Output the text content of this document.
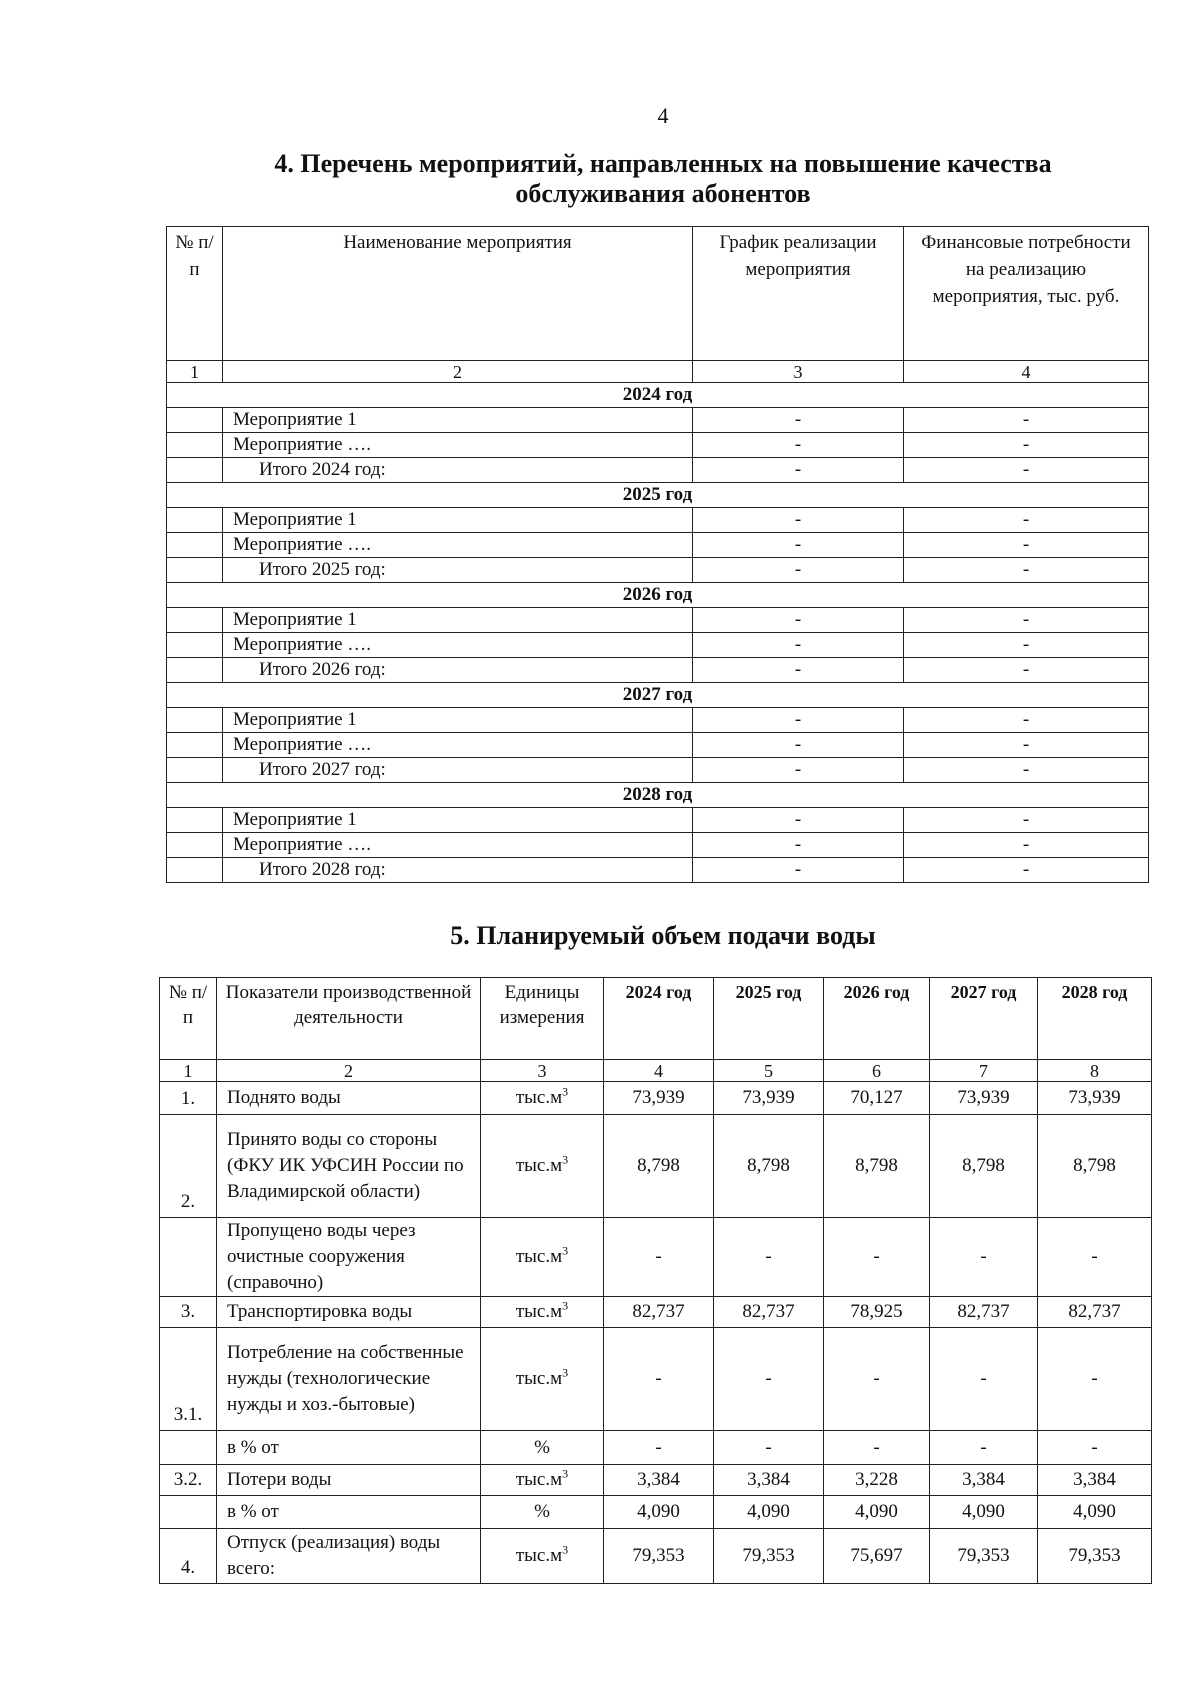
4
4. Перечень мероприятий, направленных на повышение качества
обслуживания абонентов
№ п/п	Наименование мероприятия	График реализации мероприятия	Финансовые потребности на реализацию мероприятия, тыс. руб.
1	2	3	4
2024 год			
	Мероприятие 1	-	-
	Мероприятие ….	-	-
	Итого 2024 год:	-	-
2025 год			
	Мероприятие 1	-	-
	Мероприятие ….	-	-
	Итого 2025 год:	-	-
2026 год			
	Мероприятие 1	-	-
	Мероприятие ….	-	-
	Итого 2026 год:	-	-
2027 год			
	Мероприятие 1	-	-
	Мероприятие ….	-	-
	Итого 2027 год:	-	-
2028 год			
	Мероприятие 1	-	-
	Мероприятие ….	-	-
	Итого 2028 год:	-	-
5. Планируемый объем подачи воды
№ п/п	Показатели производственной деятельности	Единицы измерения	2024 год	2025 год	2026 год	2027 год	2028 год
1	2	3	4	5	6	7	8
1.	Поднято воды	$тыс.м^3$	73,939	73,939	70,127	73,939	73,939
2.	Принято воды со стороны (ФКУ ИК УФСИН России по Владимирской области)	$тыс.м^3$	8,798	8,798	8,798	8,798	8,798
	Пропущено воды через очистные сооружения (справочно)	$тыс.м^3$	-	-	-	-	-
3.	Транспортировка воды	$тыс.м^3$	82,737	82,737	78,925	82,737	82,737
3.1.	Потребление на собственные нужды (технологические нужды и хоз.-бытовые)	$тыс.м^3$	-	-	-	-	-
	в % от	%	-	-	-	-	-
3.2.	Потери воды	$тыс.м^3$	3,384	3,384	3,228	3,384	3,384
	в % от	%	4,090	4,090	4,090	4,090	4,090
4.	Отпуск (реализация) воды всего:	$тыс.м^3$	79,353	79,353	75,697	79,353	79,353
